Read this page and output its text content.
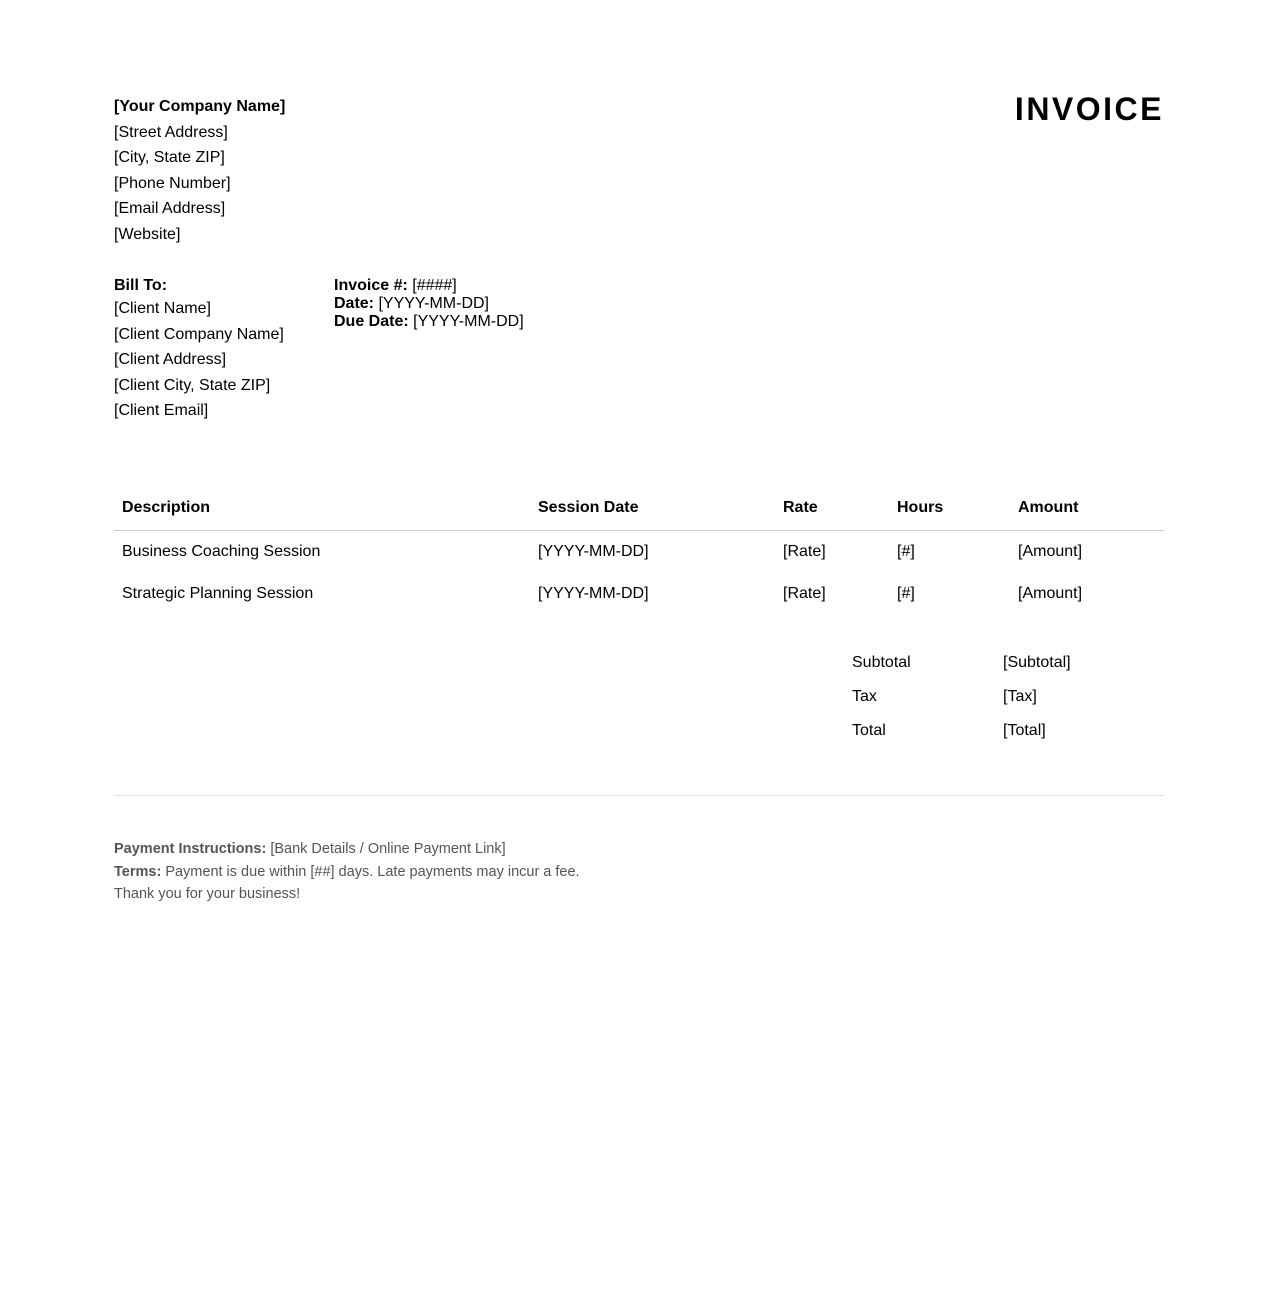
[Your Company Name]
[Street Address]
[City, State ZIP]
[Phone Number]
[Email Address]
[Website]
INVOICE
Bill To:
[Client Name]
[Client Company Name]
[Client Address]
[Client City, State ZIP]
[Client Email]
Invoice #: [####]
Date: [YYYY-MM-DD]
Due Date: [YYYY-MM-DD]
Description	Session Date	Rate	Hours	Amount
Business Coaching Session	[YYYY-MM-DD]	[Rate]	[#]	[Amount]
Strategic Planning Session	[YYYY-MM-DD]	[Rate]	[#]	[Amount]
Subtotal	[Subtotal]
Tax	[Tax]
Total	[Total]
Payment Instructions: [Bank Details / Online Payment Link]
Terms: Payment is due within [##] days. Late payments may incur a fee.
Thank you for your business!
